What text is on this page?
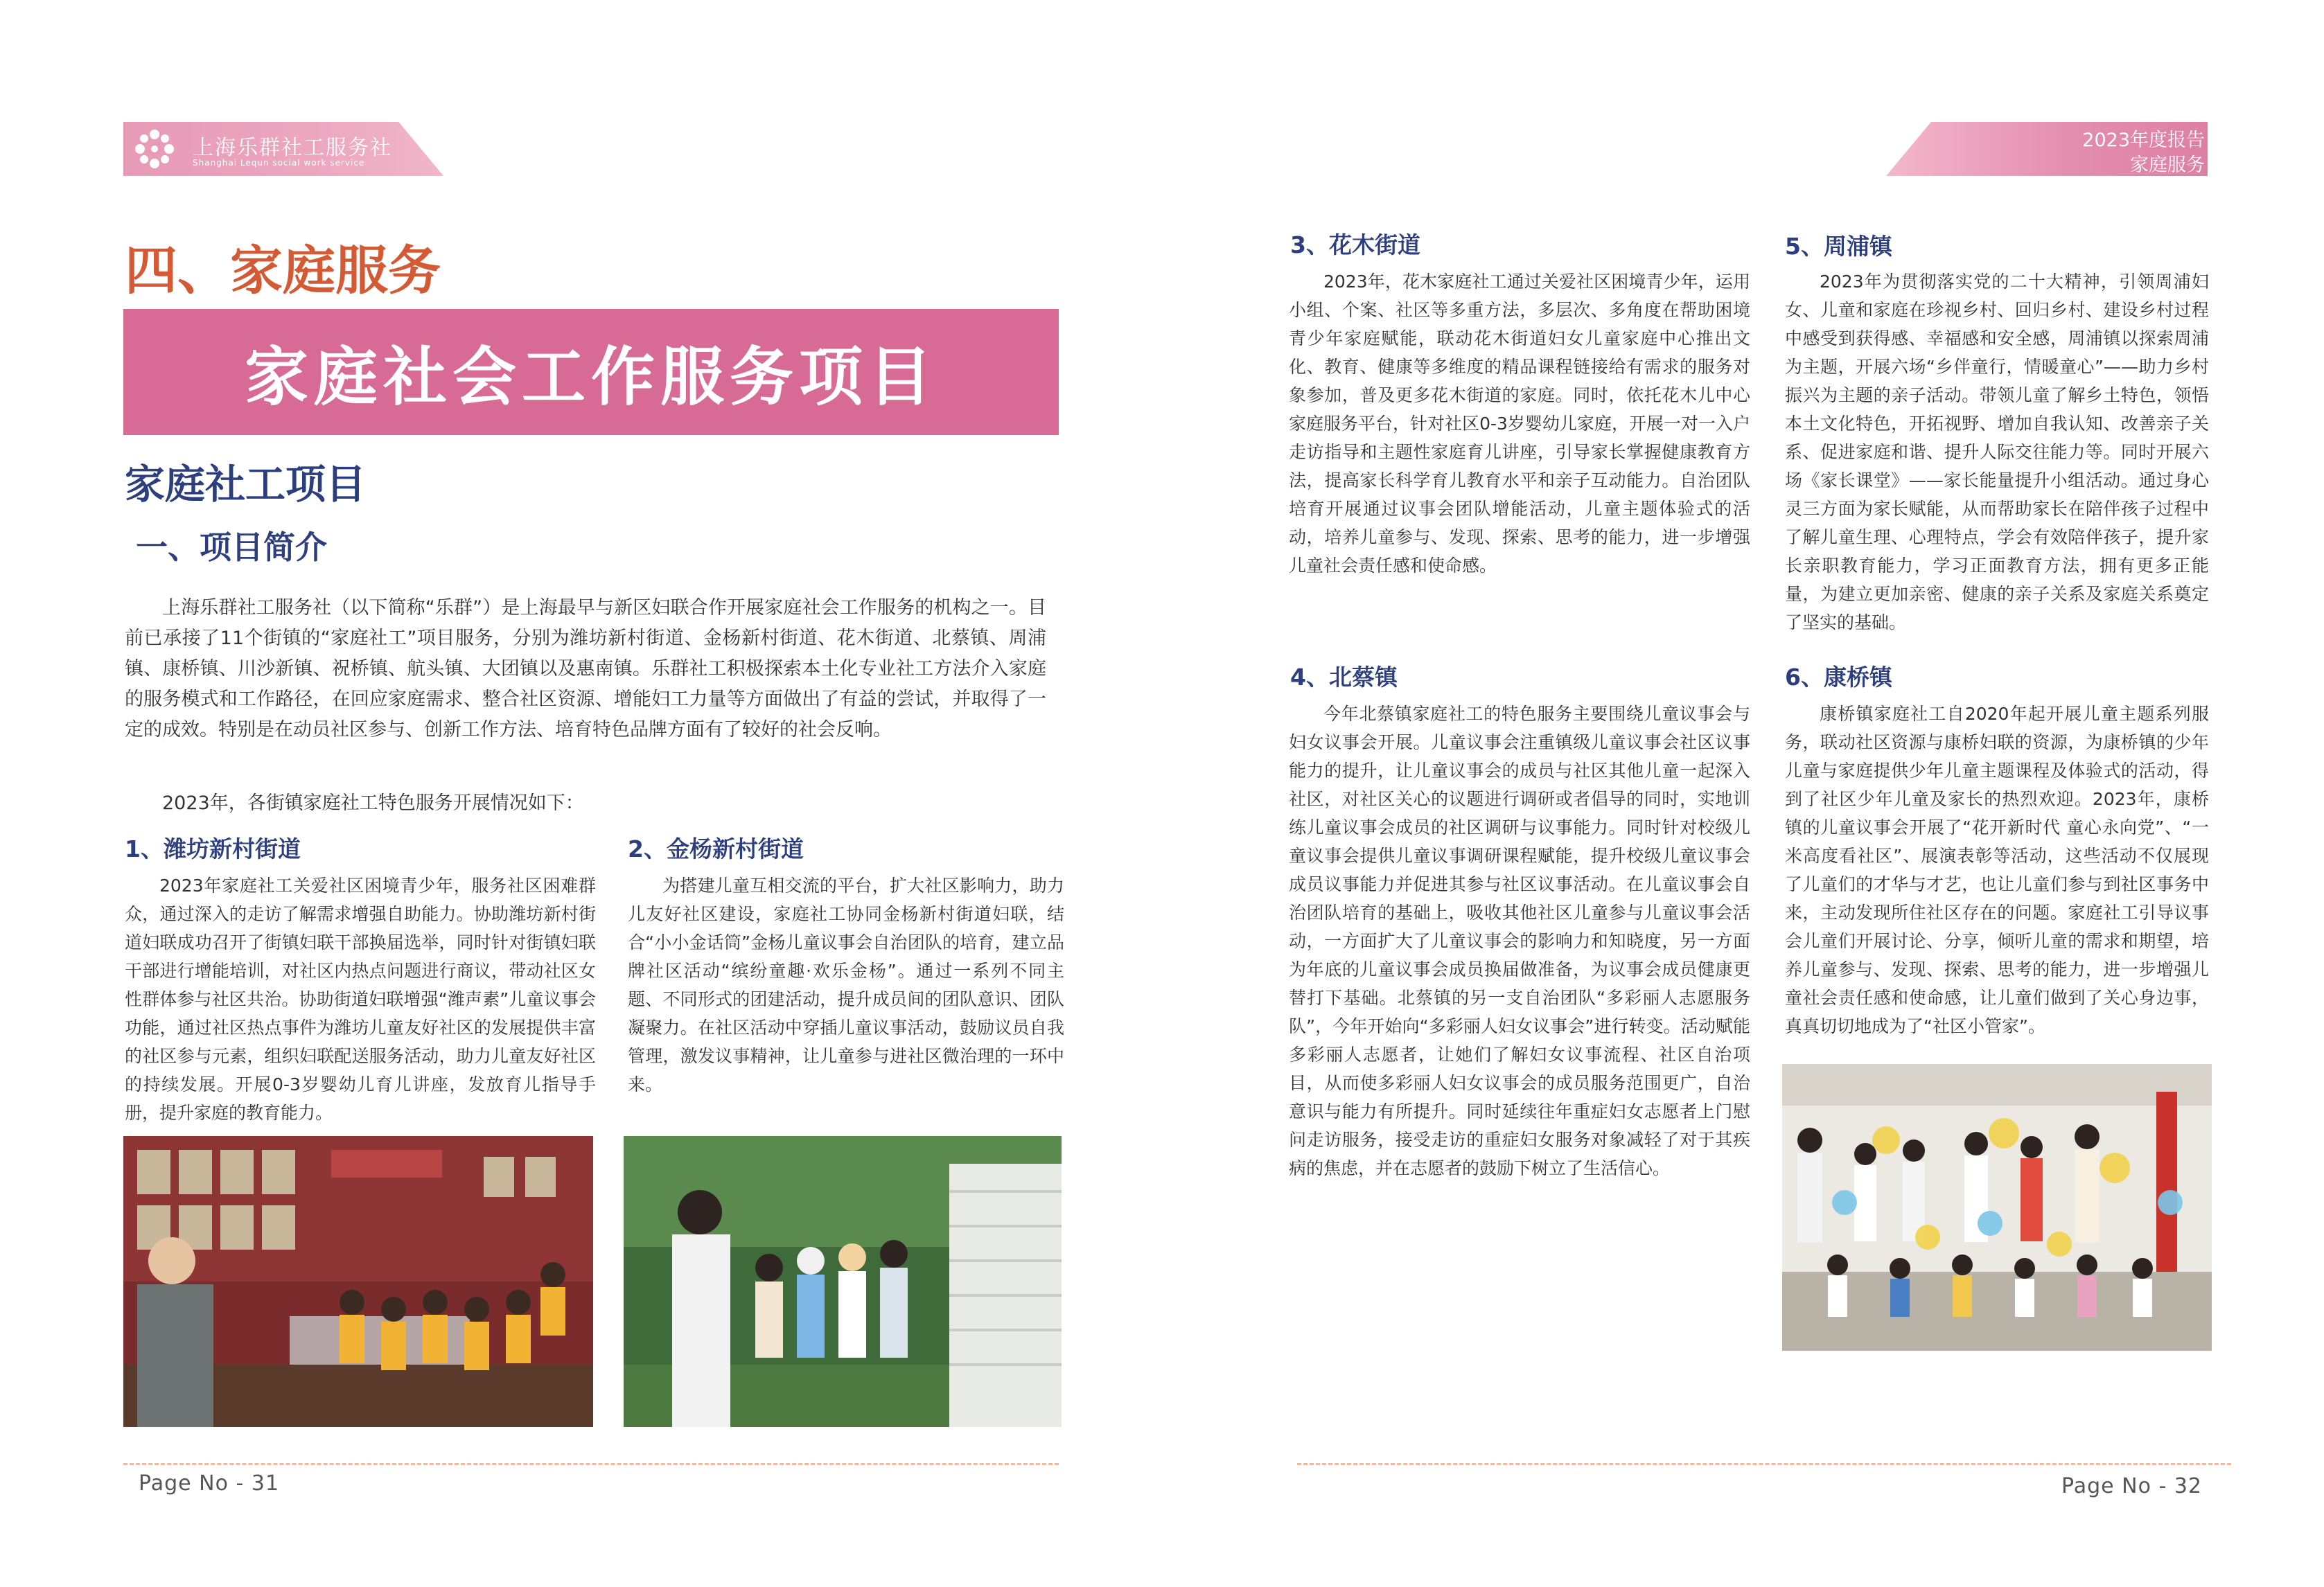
上海乐群社工服务社
Shanghai Lequn social work service
2023年度报告
家庭服务
四、家庭服务
家庭社会工作服务项目
家庭社工项目
一、项目简介

上海乐群社工服务社（以下简称“乐群”）是上海最早与新区妇联合作开展家庭社会工作服务的机构之一。目前已承接了11个街镇的“家庭社工”项目服务，分别为潍坊新村街道、金杨新村街道、花木街道、北蔡镇、周浦镇、康桥镇、川沙新镇、祝桥镇、航头镇、大团镇以及惠南镇。乐群社工积极探索本土化专业社工方法介入家庭的服务模式和工作路径，在回应家庭需求、整合社区资源、增能妇工力量等方面做出了有益的尝试，并取得了一定的成效。特别是在动员社区参与、创新工作方法、培育特色品牌方面有了较好的社会反响。

2023年，各街镇家庭社工特色服务开展情况如下：

1、潍坊新村街道

2023年家庭社工关爱社区困境青少年，服务社区困难群众，通过深入的走访了解需求增强自助能力。协助潍坊新村街道妇联成功召开了街镇妇联干部换届选举，同时针对街镇妇联干部进行增能培训，对社区内热点问题进行商议，带动社区女性群体参与社区共治。协助街道妇联增强“潍声素”儿童议事会功能，通过社区热点事件为潍坊儿童友好社区的发展提供丰富的社区参与元素，组织妇联配送服务活动，助力儿童友好社区的持续发展。开展0-3岁婴幼儿育儿讲座，发放育儿指导手册，提升家庭的教育能力。

2、金杨新村街道

为搭建儿童互相交流的平台，扩大社区影响力，助力儿友好社区建设，家庭社工协同金杨新村街道妇联，结合“小小金话筒”金杨儿童议事会自治团队的培育，建立品牌社区活动“缤纷童趣·欢乐金杨”。通过一系列不同主题、不同形式的团建活动，提升成员间的团队意识、团队凝聚力。在社区活动中穿插儿童议事活动，鼓励议员自我管理，激发议事精神，让儿童参与进社区微治理的一环中来。

Page No - 31
3、花木街道

2023年，花木家庭社工通过关爱社区困境青少年，运用小组、个案、社区等多重方法，多层次、多角度在帮助困境青少年家庭赋能，联动花木街道妇女儿童家庭中心推出文化、教育、健康等多维度的精品课程链接给有需求的服务对象参加，普及更多花木街道的家庭。同时，依托花木儿中心家庭服务平台，针对社区0-3岁婴幼儿家庭，开展一对一入户走访指导和主题性家庭育儿讲座，引导家长掌握健康教育方法，提高家长科学育儿教育水平和亲子互动能力。自治团队培育开展通过议事会团队增能活动，儿童主题体验式的活动，培养儿童参与、发现、探索、思考的能力，进一步增强儿童社会责任感和使命感。

4、北蔡镇

今年北蔡镇家庭社工的特色服务主要围绕儿童议事会与妇女议事会开展。儿童议事会注重镇级儿童议事会社区议事能力的提升，让儿童议事会的成员与社区其他儿童一起深入社区，对社区关心的议题进行调研或者倡导的同时，实地训练儿童议事会成员的社区调研与议事能力。同时针对校级儿童议事会提供儿童议事调研课程赋能，提升校级儿童议事会成员议事能力并促进其参与社区议事活动。在儿童议事会自治团队培育的基础上，吸收其他社区儿童参与儿童议事会活动，一方面扩大了儿童议事会的影响力和知晓度，另一方面为年底的儿童议事会成员换届做准备，为议事会成员健康更替打下基础。北蔡镇的另一支自治团队“多彩丽人志愿服务队”，今年开始向“多彩丽人妇女议事会”进行转变。活动赋能多彩丽人志愿者，让她们了解妇女议事流程、社区自治项目，从而使多彩丽人妇女议事会的成员服务范围更广，自治意识与能力有所提升。同时延续往年重症妇女志愿者上门慰问走访服务，接受走访的重症妇女服务对象减轻了对于其疾病的焦虑，并在志愿者的鼓励下树立了生活信心。

5、周浦镇

2023年为贯彻落实党的二十大精神，引领周浦妇女、儿童和家庭在珍视乡村、回归乡村、建设乡村过程中感受到获得感、幸福感和安全感，周浦镇以探索周浦为主题，开展六场“乡伴童行，情暖童心”——助力乡村振兴为主题的亲子活动。带领儿童了解乡土特色，领悟本土文化特色，开拓视野、增加自我认知、改善亲子关系、促进家庭和谐、提升人际交往能力等。同时开展六场《家长课堂》——家长能量提升小组活动。通过身心灵三方面为家长赋能，从而帮助家长在陪伴孩子过程中了解儿童生理、心理特点，学会有效陪伴孩子，提升家长亲职教育能力，学习正面教育方法，拥有更多正能量，为建立更加亲密、健康的亲子关系及家庭关系奠定了坚实的基础。

6、康桥镇

康桥镇家庭社工自2020年起开展儿童主题系列服务，联动社区资源与康桥妇联的资源，为康桥镇的少年儿童与家庭提供少年儿童主题课程及体验式的活动，得到了社区少年儿童及家长的热烈欢迎。2023年，康桥镇的儿童议事会开展了“花开新时代 童心永向党”、“一米高度看社区”、展演表彰等活动，这些活动不仅展现了儿童们的才华与才艺，也让儿童们参与到社区事务中来，主动发现所住社区存在的问题。家庭社工引导议事会儿童们开展讨论、分享，倾听儿童的需求和期望，培养儿童参与、发现、探索、思考的能力，进一步增强儿童社会责任感和使命感，让儿童们做到了关心身边事，真真切切地成为了“社区小管家”。

Page No - 32
